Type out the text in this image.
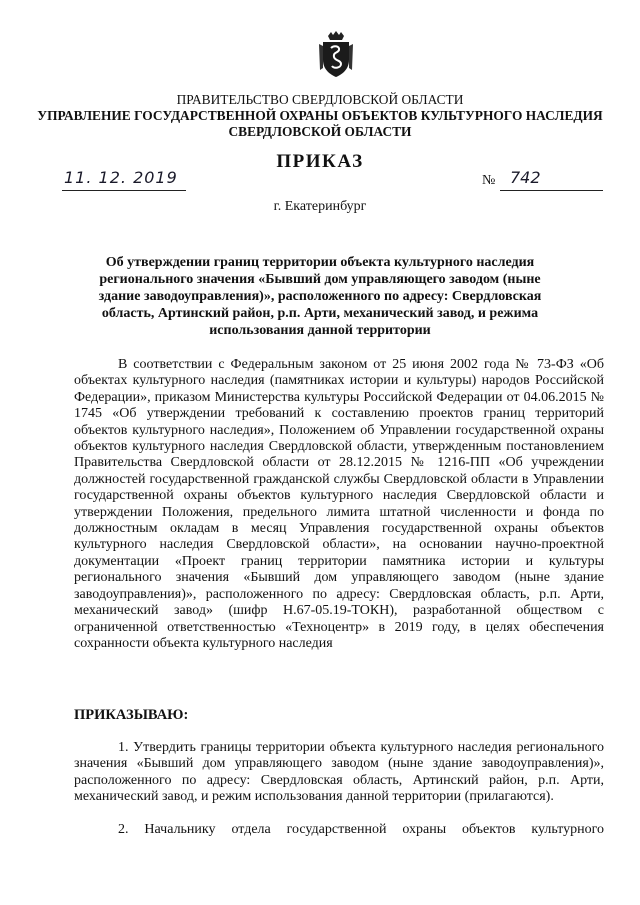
ПРАВИТЕЛЬСТВО СВЕРДЛОВСКОЙ ОБЛАСТИ
УПРАВЛЕНИЕ ГОСУДАРСТВЕННОЙ ОХРАНЫ ОБЪЕКТОВ КУЛЬТУРНОГО НАСЛЕДИЯ
СВЕРДЛОВСКОЙ ОБЛАСТИ
ПРИКАЗ
11. 12. 2019	№ 742
г. Екатеринбург
Об утверждении границ территории объекта культурного наследия регионального значения «Бывший дом управляющего заводом (ныне здание заводоуправления)», расположенного по адресу: Свердловская область, Артинский район, р.п. Арти, механический завод, и режима использования данной территории

В соответствии с Федеральным законом от 25 июня 2002 года № 73-ФЗ «Об объектах культурного наследия (памятниках истории и культуры) народов Российской Федерации», приказом Министерства культуры Российской Федерации от 04.06.2015 № 1745 «Об утверждении требований к составлению проектов границ территорий объектов культурного наследия», Положением об Управлении государственной охраны объектов культурного наследия Свердловской области, утвержденным постановлением Правительства Свердловской области от 28.12.2015 № 1216-ПП «Об учреждении должностей государственной гражданской службы Свердловской области в Управлении государственной охраны объектов культурного наследия Свердловской области и утверждении Положения, предельного лимита штатной численности и фонда по должностным окладам в месяц Управления государственной охраны объектов культурного наследия Свердловской области», на основании научно-проектной документации «Проект границ территории памятника истории и культуры регионального значения «Бывший дом управляющего заводом (ныне здание заводоуправления)», расположенного по адресу: Свердловская область, р.п. Арти, механический завод» (шифр Н.67-05.19-ТОКН), разработанной обществом с ограниченной ответственностью «Техноцентр» в 2019 году, в целях обеспечения сохранности объекта культурного наследия

ПРИКАЗЫВАЮ:

1. Утвердить границы территории объекта культурного наследия регионального значения «Бывший дом управляющего заводом (ныне здание заводоуправления)», расположенного по адресу: Свердловская область, Артинский район, р.п. Арти, механический завод, и режим использования данной территории (прилагаются).

2. Начальнику отдела государственной охраны объектов культурного
